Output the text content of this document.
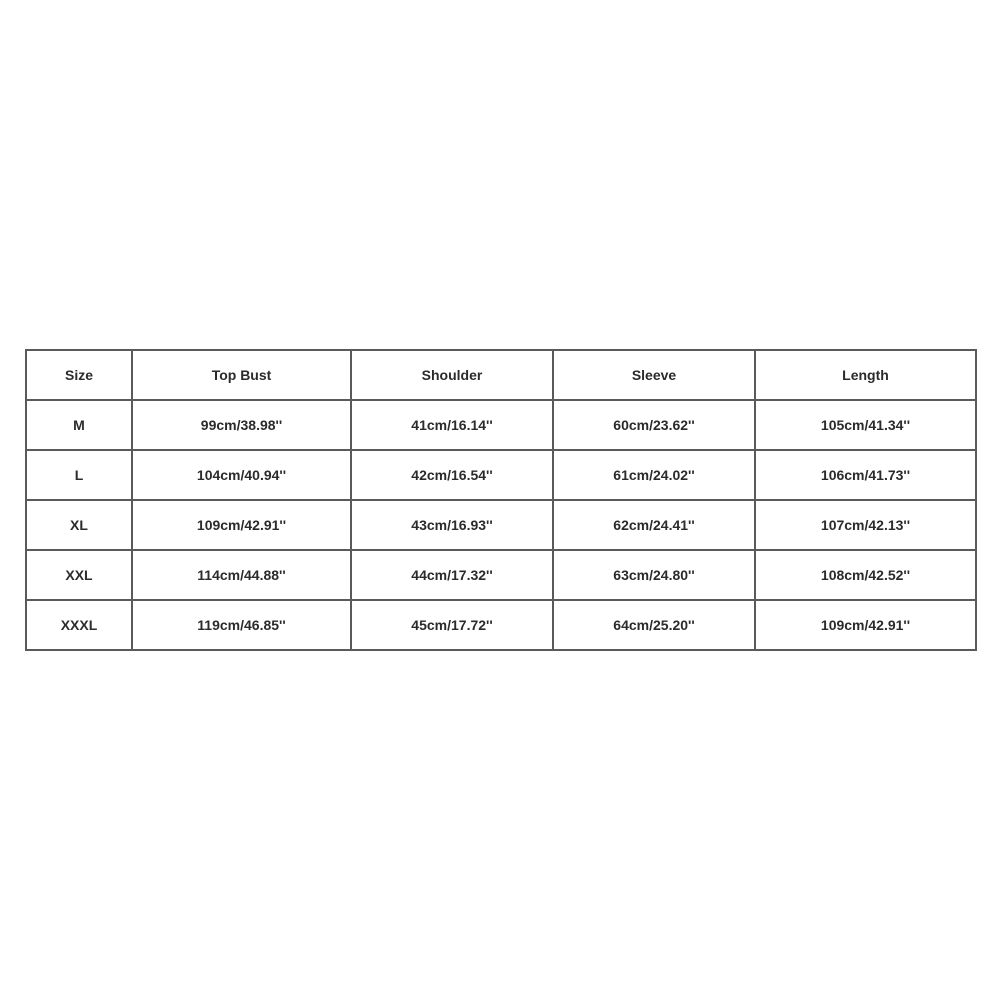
Size	Top Bust	Shoulder	Sleeve	Length
M	99cm/38.98''	41cm/16.14''	60cm/23.62''	105cm/41.34''
L	104cm/40.94''	42cm/16.54''	61cm/24.02''	106cm/41.73''
XL	109cm/42.91''	43cm/16.93''	62cm/24.41''	107cm/42.13''
XXL	114cm/44.88''	44cm/17.32''	63cm/24.80''	108cm/42.52''
XXXL	119cm/46.85''	45cm/17.72''	64cm/25.20''	109cm/42.91''
